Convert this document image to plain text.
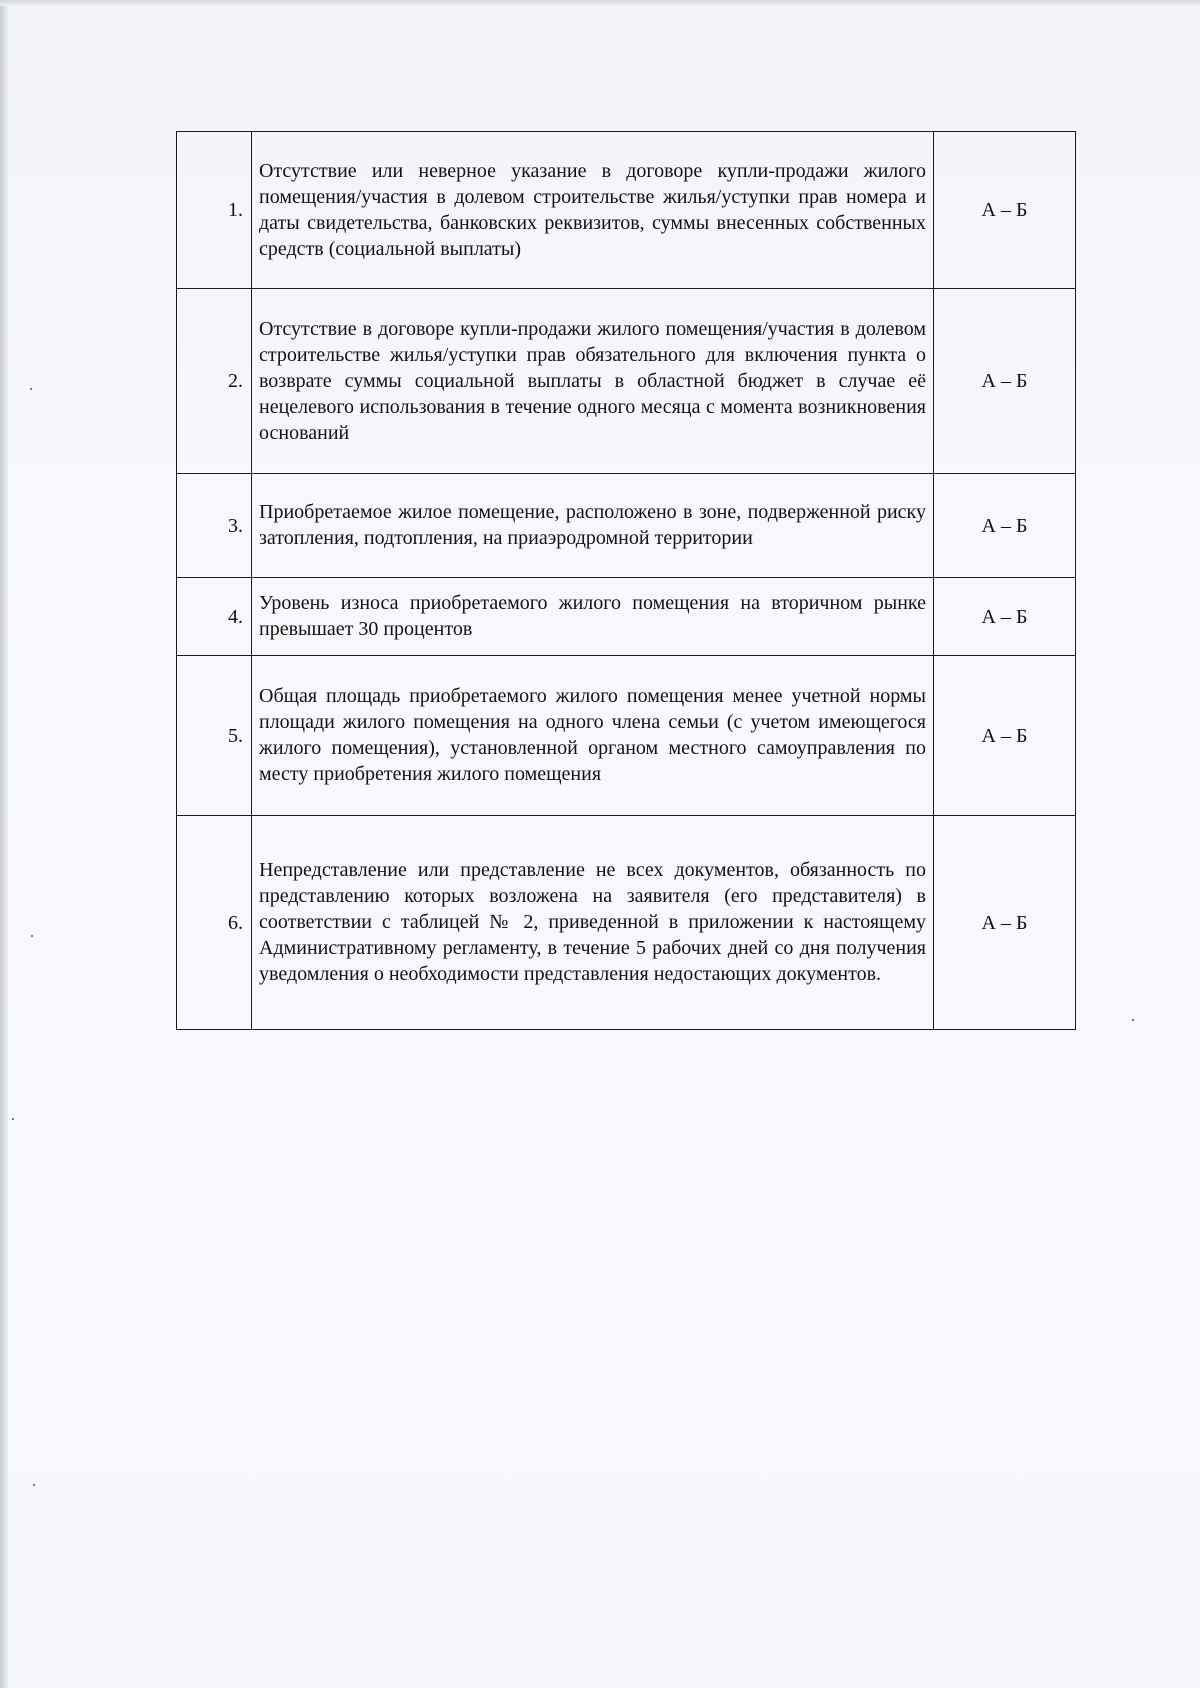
1.	Отсутствие или неверное указание в договоре купли-продажи жилого помещения/участия в долевом строительстве жилья/уступки прав номера и даты свидетельства, банковских реквизитов, суммы внесенных собственных средств (социальной выплаты)	А – Б
2.	Отсутствие в договоре купли-продажи жилого помещения/участия в долевом строительстве жилья/уступки прав обязательного для включения пункта о возврате суммы социальной выплаты в областной бюджет в случае её нецелевого использования в течение одного месяца с момента возникновения оснований	А – Б
3.	Приобретаемое жилое помещение, расположено в зоне, подверженной риску затопления, подтопления, на приаэродромной территории	А – Б
4.	Уровень износа приобретаемого жилого помещения на вторичном рынке превышает 30 процентов	А – Б
5.	Общая площадь приобретаемого жилого помещения менее учетной нормы площади жилого помещения на одного члена семьи (с учетом имеющегося жилого помещения), установленной органом местного самоуправления по месту приобретения жилого помещения	А – Б
6.	Непредставление или представление не всех документов, обязанность по представлению которых возложена на заявителя (его представителя) в соответствии с таблицей № 2, приведенной в приложении к настоящему Административному регламенту, в течение 5 рабочих дней со дня получения уведомления о необходимости представления недостающих документов.	А – Б
